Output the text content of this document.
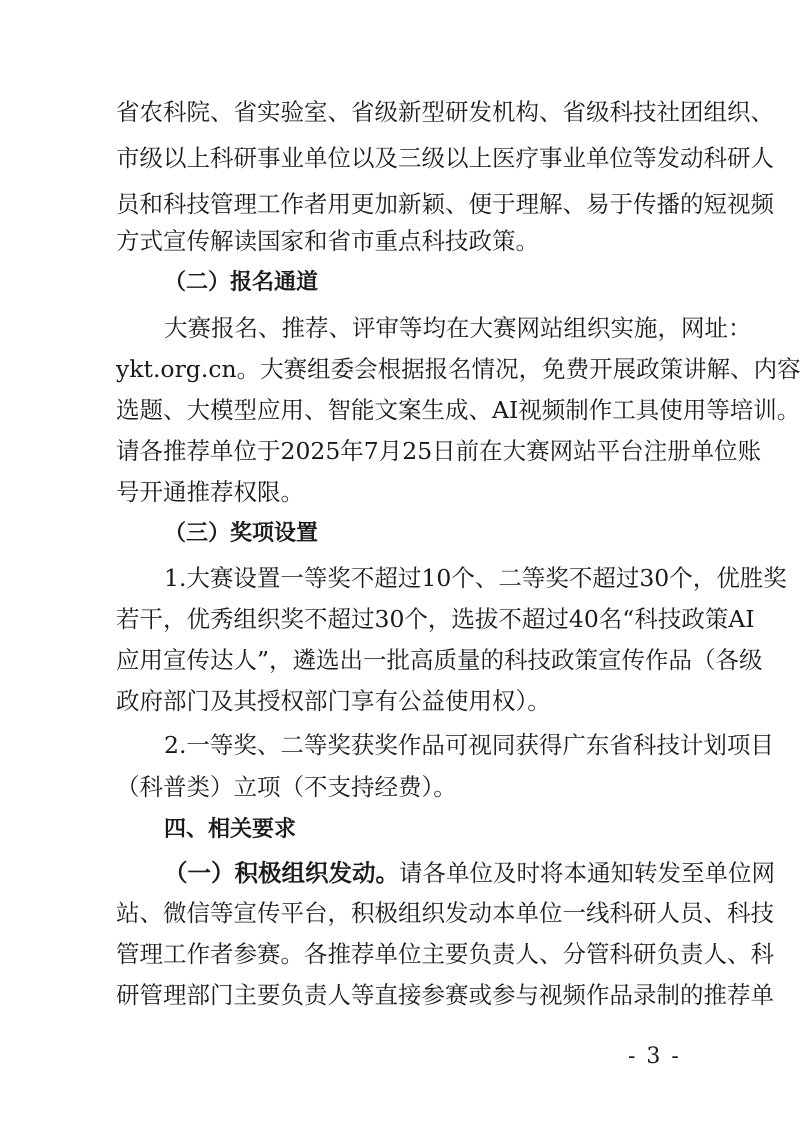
省农科院、省实验室、省级新型研发机构、省级科技社团组织、
市级以上科研事业单位以及三级以上医疗事业单位等发动科研人
员和科技管理工作者用更加新颖、便于理解、易于传播的短视频
方式宣传解读国家和省市重点科技政策。
（二）报名通道
大赛报名、推荐、评审等均在大赛网站组织实施，网址：
ykt.org.cn。大赛组委会根据报名情况，免费开展政策讲解、内容
选题、大模型应用、智能文案生成、AI视频制作工具使用等培训。
请各推荐单位于2025年7月25日前在大赛网站平台注册单位账
号开通推荐权限。
（三）奖项设置
1.大赛设置一等奖不超过10个、二等奖不超过30个，优胜奖
若干，优秀组织奖不超过30个，选拔不超过40名“科技政策AI
应用宣传达人”，遴选出一批高质量的科技政策宣传作品（各级
政府部门及其授权部门享有公益使用权）。
2.一等奖、二等奖获奖作品可视同获得广东省科技计划项目
（科普类）立项（不支持经费）。
四、相关要求
（一）积极组织发动。请各单位及时将本通知转发至单位网
站、微信等宣传平台，积极组织发动本单位一线科研人员、科技
管理工作者参赛。各推荐单位主要负责人、分管科研负责人、科
研管理部门主要负责人等直接参赛或参与视频作品录制的推荐单
- 3 -
